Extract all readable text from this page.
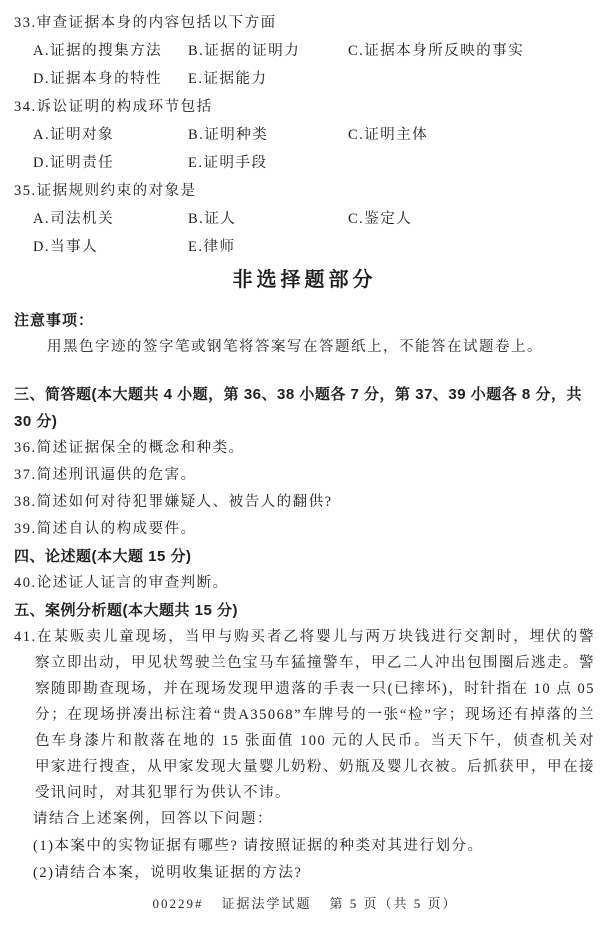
33.审查证据本身的内容包括以下方面
A.证据的搜集方法	B.证据的证明力	C.证据本身所反映的事实
D.证据本身的特性	E.证据能力
34.诉讼证明的构成环节包括
A.证明对象	B.证明种类	C.证明主体
D.证明责任	E.证明手段
35.证据规则约束的对象是
A.司法机关	B.证人	C.鉴定人
D.当事人	E.律师
非选择题部分
注意事项：

用黑色字迹的签字笔或钢笔将答案写在答题纸上，不能答在试题卷上。

三、简答题(本大题共 4 小题，第 36、38 小题各 7 分，第 37、39 小题各 8 分，共 30 分)

36.简述证据保全的概念和种类。

37.简述刑讯逼供的危害。

38.简述如何对待犯罪嫌疑人、被告人的翻供?

39.简述自认的构成要件。

四、论述题(本大题 15 分)

40.论述证人证言的审查判断。

五、案例分析题(本大题共 15 分)

41.在某贩卖儿童现场，当甲与购买者乙将婴儿与两万块钱进行交割时，埋伏的警察立即出动，甲见状驾驶兰色宝马车猛撞警车，甲乙二人冲出包围圈后逃走。警察随即勘查现场，并在现场发现甲遗落的手表一只(已摔坏)，时针指在 10 点 05 分；在现场拼凑出标注着“贵A35068”车牌号的一张“检”字；现场还有掉落的兰色车身漆片和散落在地的 15 张面值 100 元的人民币。当天下午，侦查机关对甲家进行搜查，从甲家发现大量婴儿奶粉、奶瓶及婴儿衣被。后抓获甲，甲在接受讯问时，对其犯罪行为供认不讳。

请结合上述案例，回答以下问题：

(1)本案中的实物证据有哪些? 请按照证据的种类对其进行划分。

(2)请结合本案，说明收集证据的方法?

00229# 证据法学试题 第 5 页（共 5 页）
